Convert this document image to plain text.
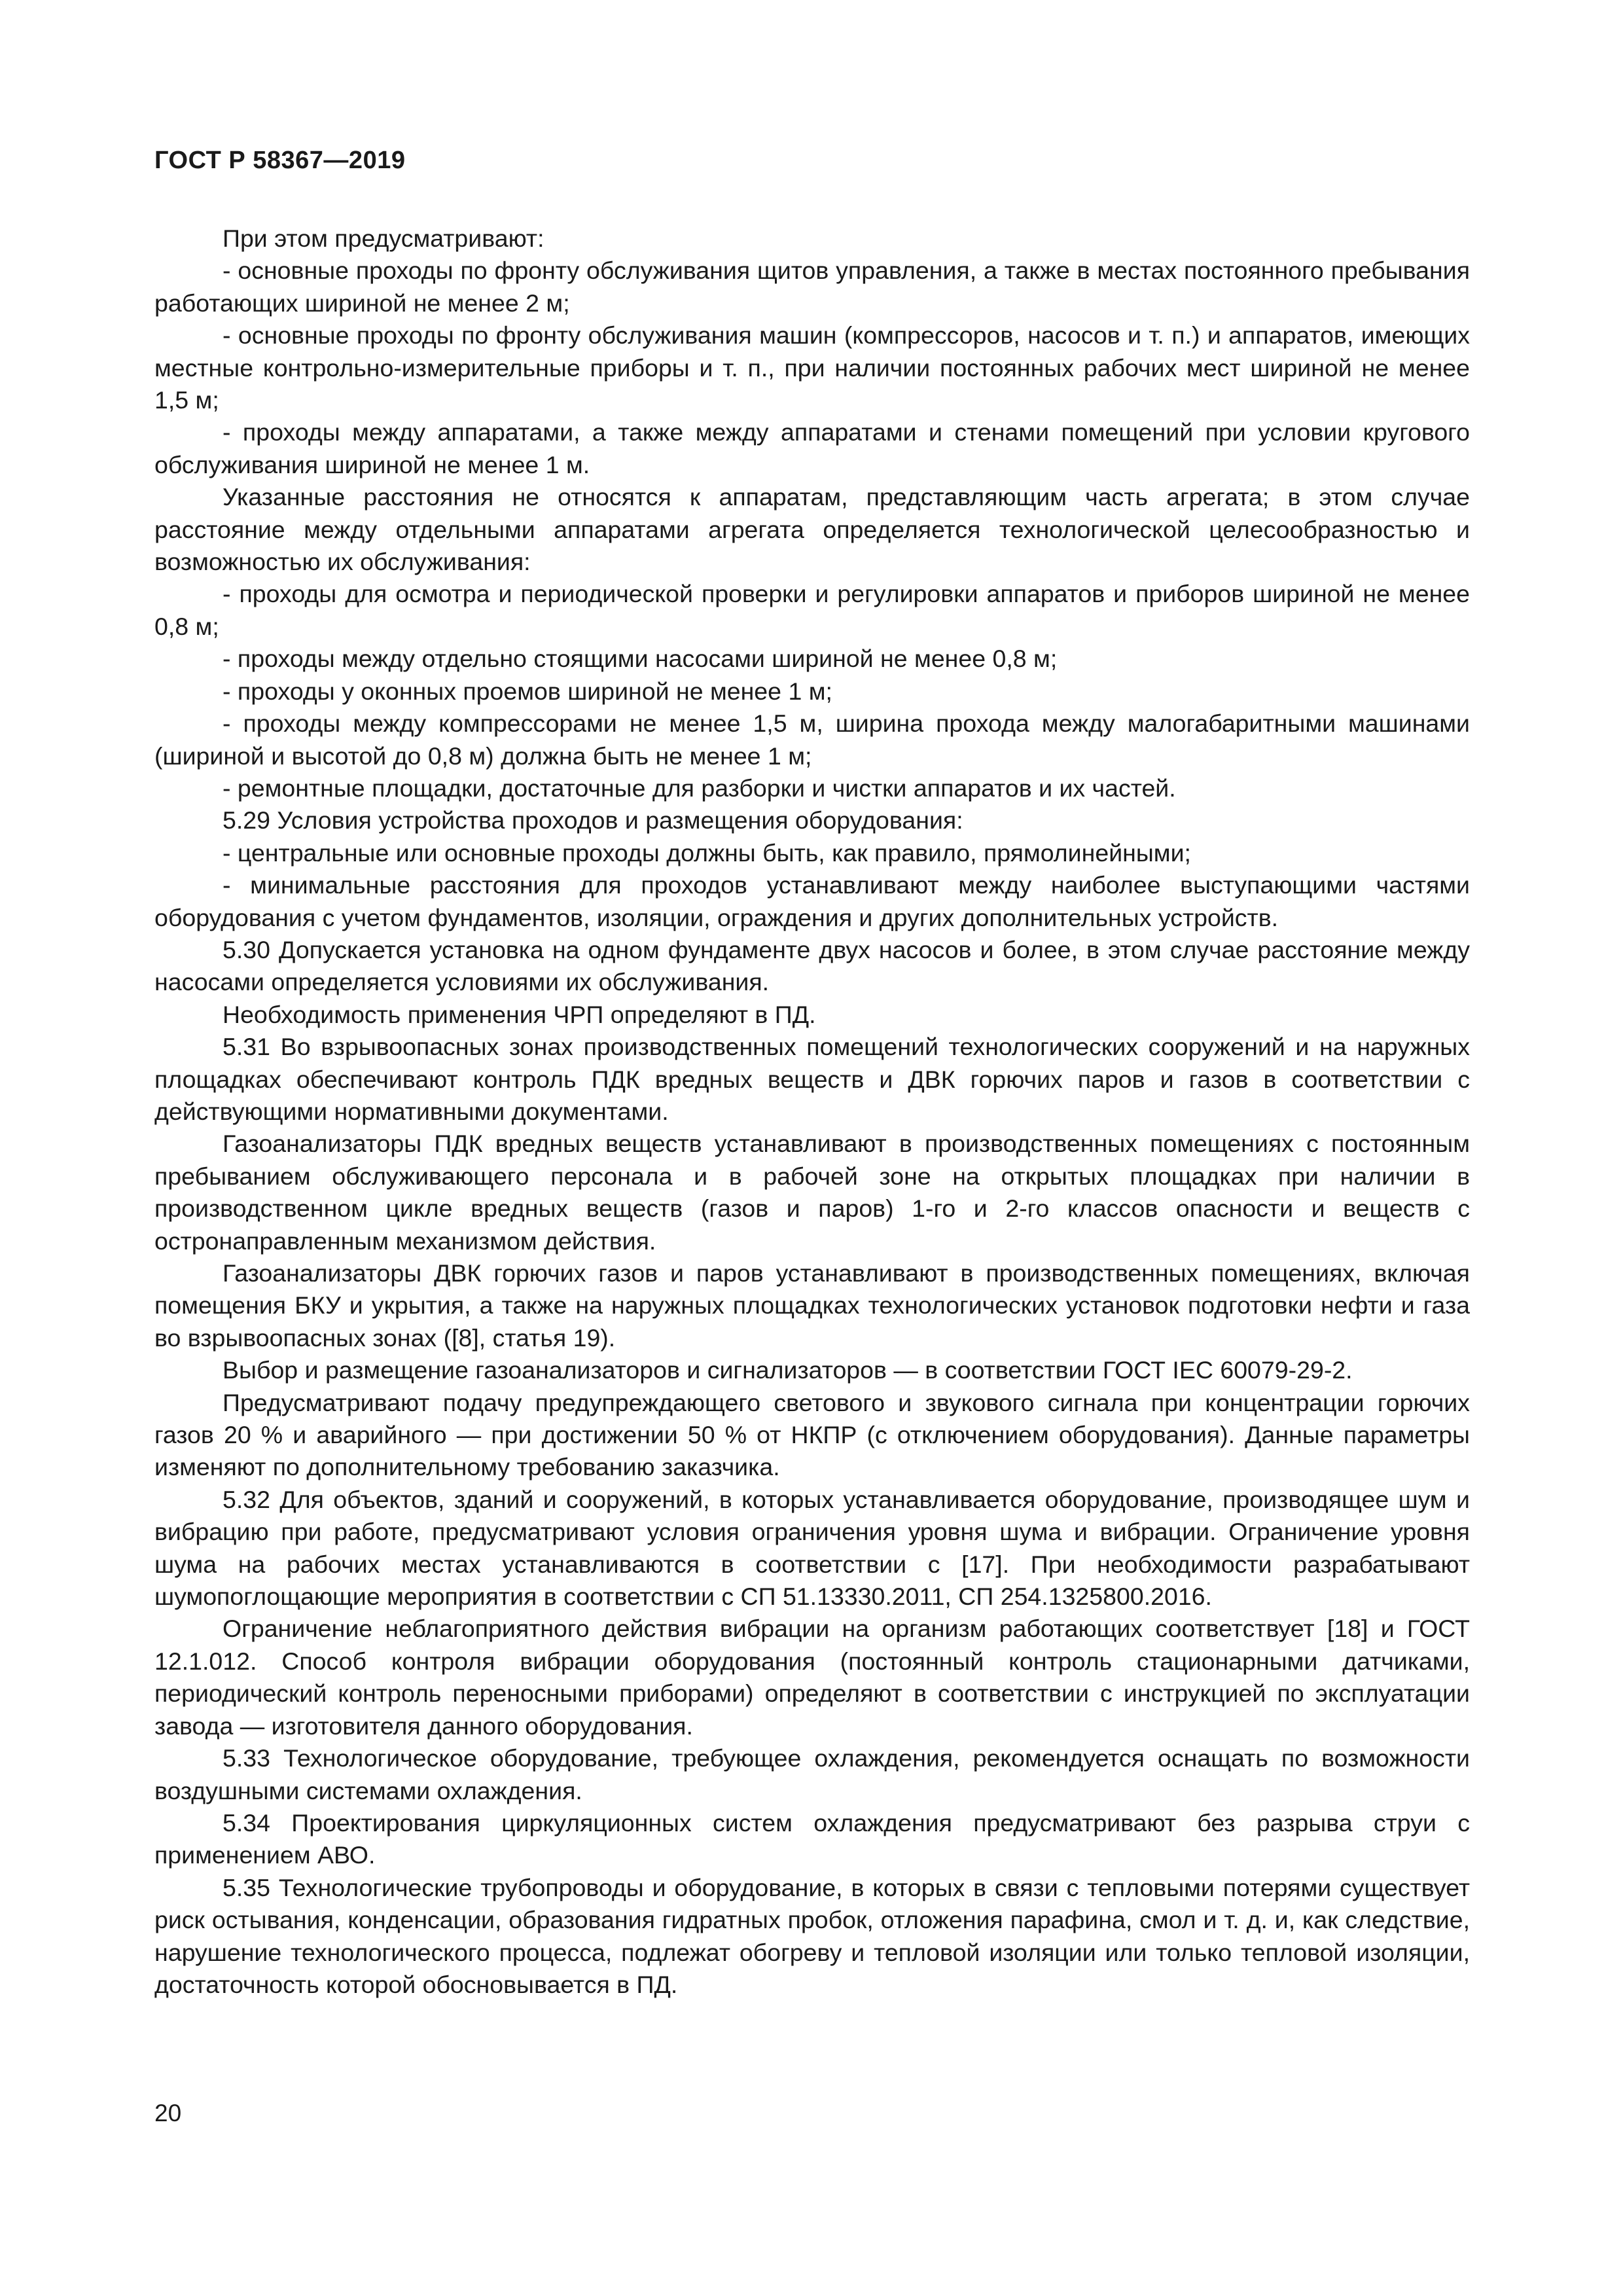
ГОСТ Р 58367—2019

При этом предусматривают:

- основные проходы по фронту обслуживания щитов управления, а также в местах постоянного пребывания работающих шириной не менее 2 м;

- основные проходы по фронту обслуживания машин (компрессоров, насосов и т. п.) и аппаратов, имеющих местные контрольно-измерительные приборы и т. п., при наличии постоянных рабочих мест шириной не менее 1,5 м;

- проходы между аппаратами, а также между аппаратами и стенами помещений при условии кругового обслуживания шириной не менее 1 м.

Указанные расстояния не относятся к аппаратам, представляющим часть агрегата; в этом случае расстояние между отдельными аппаратами агрегата определяется технологической целесообразностью и возможностью их обслуживания:

- проходы для осмотра и периодической проверки и регулировки аппаратов и приборов шириной не менее 0,8 м;

- проходы между отдельно стоящими насосами шириной не менее 0,8 м;

- проходы у оконных проемов шириной не менее 1 м;

- проходы между компрессорами не менее 1,5 м, ширина прохода между малогабаритными машинами (шириной и высотой до 0,8 м) должна быть не менее 1 м;

- ремонтные площадки, достаточные для разборки и чистки аппаратов и их частей.

5.29 Условия устройства проходов и размещения оборудования:

- центральные или основные проходы должны быть, как правило, прямолинейными;

- минимальные расстояния для проходов устанавливают между наиболее выступающими частями оборудования с учетом фундаментов, изоляции, ограждения и других дополнительных устройств.

5.30 Допускается установка на одном фундаменте двух насосов и более, в этом случае расстояние между насосами определяется условиями их обслуживания.

Необходимость применения ЧРП определяют в ПД.

5.31 Во взрывоопасных зонах производственных помещений технологических сооружений и на наружных площадках обеспечивают контроль ПДК вредных веществ и ДВК горючих паров и газов в соответствии с действующими нормативными документами.

Газоанализаторы ПДК вредных веществ устанавливают в производственных помещениях с постоянным пребыванием обслуживающего персонала и в рабочей зоне на открытых площадках при наличии в производственном цикле вредных веществ (газов и паров) 1-го и 2-го классов опасности и веществ с остронаправленным механизмом действия.

Газоанализаторы ДВК горючих газов и паров устанавливают в производственных помещениях, включая помещения БКУ и укрытия, а также на наружных площадках технологических установок подготовки нефти и газа во взрывоопасных зонах ([8], статья 19).

Выбор и размещение газоанализаторов и сигнализаторов — в соответствии ГОСТ IEC 60079-29-2.

Предусматривают подачу предупреждающего светового и звукового сигнала при концентрации горючих газов 20 % и аварийного — при достижении 50 % от НКПР (с отключением оборудования). Данные параметры изменяют по дополнительному требованию заказчика.

5.32 Для объектов, зданий и сооружений, в которых устанавливается оборудование, производящее шум и вибрацию при работе, предусматривают условия ограничения уровня шума и вибрации. Ограничение уровня шума на рабочих местах устанавливаются в соответствии с [17]. При необходимости разрабатывают шумопоглощающие мероприятия в соответствии с СП 51.13330.2011, СП 254.1325800.2016.

Ограничение неблагоприятного действия вибрации на организм работающих соответствует [18] и ГОСТ 12.1.012. Способ контроля вибрации оборудования (постоянный контроль стационарными датчиками, периодический контроль переносными приборами) определяют в соответствии с инструкцией по эксплуатации завода — изготовителя данного оборудования.

5.33 Технологическое оборудование, требующее охлаждения, рекомендуется оснащать по возможности воздушными системами охлаждения.

5.34 Проектирования циркуляционных систем охлаждения предусматривают без разрыва струи с применением АВО.

5.35 Технологические трубопроводы и оборудование, в которых в связи с тепловыми потерями существует риск остывания, конденсации, образования гидратных пробок, отложения парафина, смол и т. д. и, как следствие, нарушение технологического процесса, подлежат обогреву и тепловой изоляции или только тепловой изоляции, достаточность которой обосновывается в ПД.

20
